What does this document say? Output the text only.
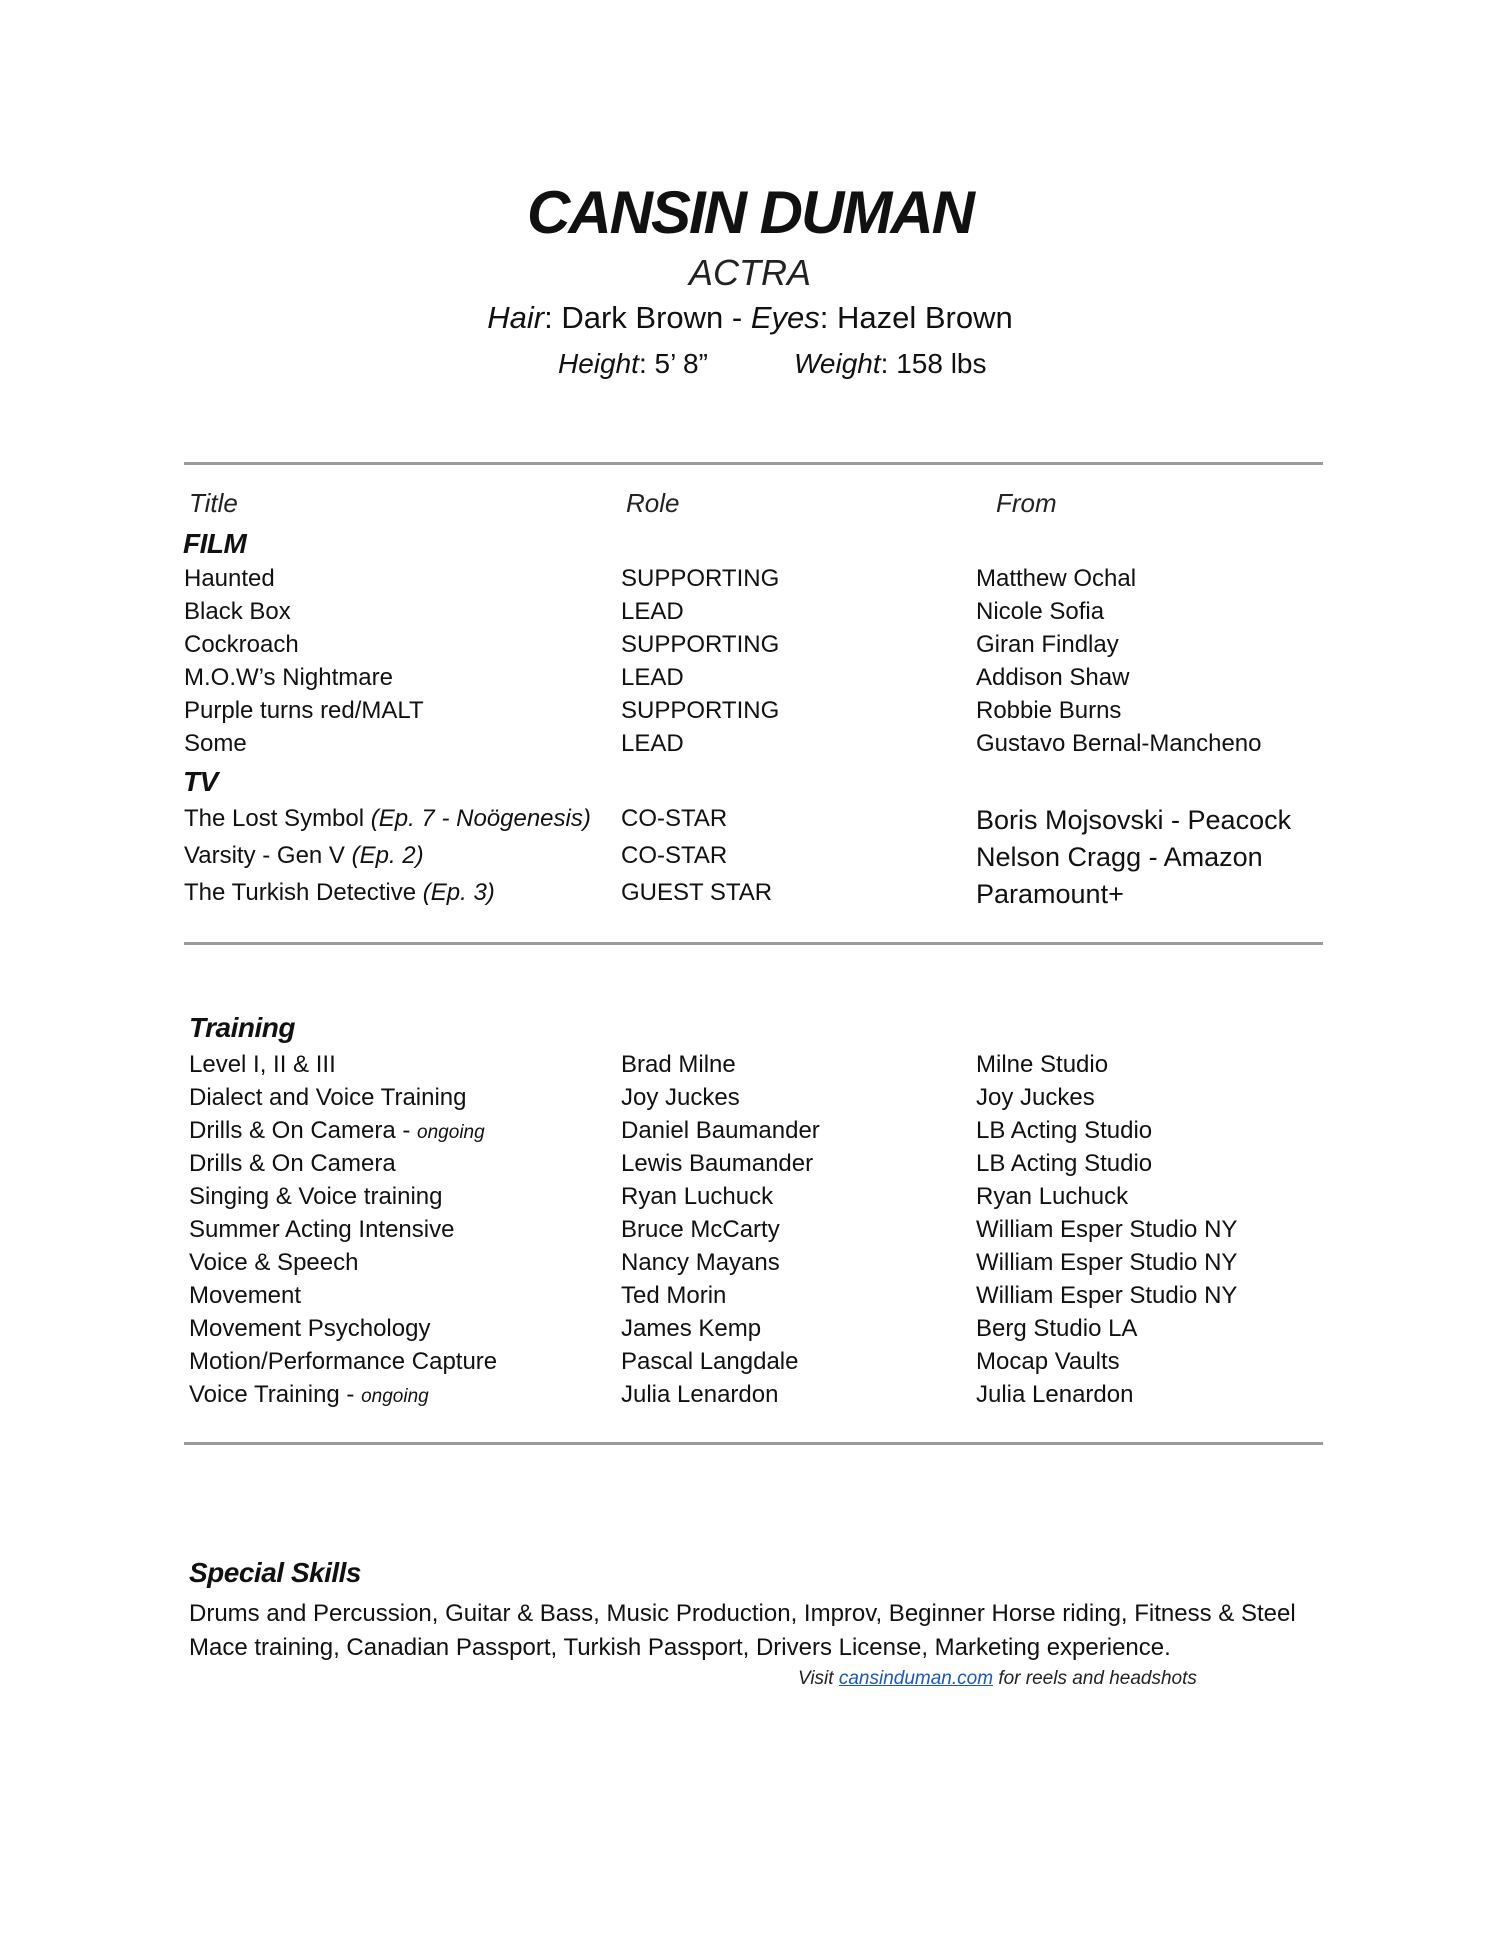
CANSIN DUMAN
ACTRA
Hair: Dark Brown - Eyes: Hazel Brown
Height: 5’ 8”	Weight: 158 lbs
Title	Role	From
FILM
Haunted	SUPPORTING	Matthew Ochal
Black Box	LEAD	Nicole Sofia
Cockroach	SUPPORTING	Giran Findlay
M.O.W’s Nightmare	LEAD	Addison Shaw
Purple turns red/MALT	SUPPORTING	Robbie Burns
Some	LEAD	Gustavo Bernal-Mancheno
TV
The Lost Symbol (Ep. 7 - Noögenesis) CO-STAR	Boris Mojsovski - Peacock
Varsity - Gen V (Ep. 2)	CO-STAR	Nelson Cragg - Amazon
The Turkish Detective (Ep. 3)	GUEST STAR	Paramount+
Training
Level I, II & III	Brad Milne	Milne Studio
Dialect and Voice Training	Joy Juckes	Joy Juckes
Drills & On Camera - ongoing	Daniel Baumander	LB Acting Studio
Drills & On Camera	Lewis Baumander	LB Acting Studio
Singing & Voice training	Ryan Luchuck	Ryan Luchuck
Summer Acting Intensive	Bruce McCarty	William Esper Studio NY
Voice & Speech	Nancy Mayans	William Esper Studio NY
Movement	Ted Morin	William Esper Studio NY
Movement Psychology	James Kemp	Berg Studio LA
Motion/Performance Capture	Pascal Langdale	Mocap Vaults
Voice Training - ongoing	Julia Lenardon	Julia Lenardon
Special Skills
Drums and Percussion, Guitar & Bass, Music Production, Improv, Beginner Horse riding, Fitness & Steel Mace training, Canadian Passport, Turkish Passport, Drivers License, Marketing experience.
Visit cansinduman.com for reels and headshots
